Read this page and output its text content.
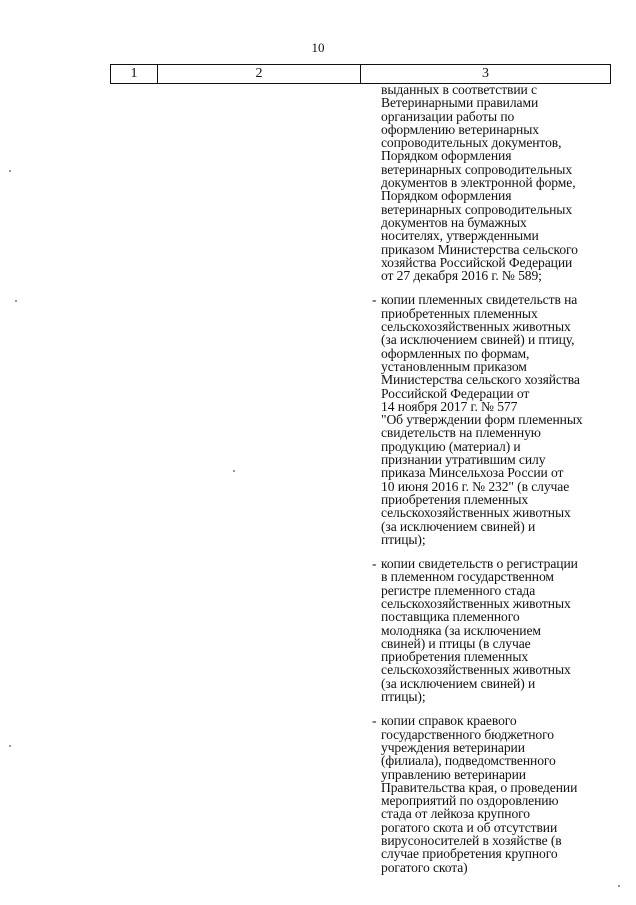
10
1	2	3
выданных в соответствии с
Ветеринарными правилами
организации работы по
оформлению ветеринарных
сопроводительных документов,
Порядком оформления
ветеринарных сопроводительных
документов в электронной форме,
Порядком оформления
ветеринарных сопроводительных
документов на бумажных
носителях, утвержденными
приказом Министерства сельского
хозяйства Российской Федерации
от 27 декабря 2016 г. № 589;
- копии племенных свидетельств на
приобретенных племенных
сельскохозяйственных животных
(за исключением свиней) и птицу,
оформленных по формам,
установленным приказом
Министерства сельского хозяйства
Российской Федерации от
14 ноября 2017 г. № 577
"Об утверждении форм племенных
свидетельств на племенную
продукцию (материал) и
признании утратившим силу
приказа Минсельхоза России от
10 июня 2016 г. № 232" (в случае
приобретения племенных
сельскохозяйственных животных
(за исключением свиней) и
птицы);
- копии свидетельств о регистрации
в племенном государственном
регистре племенного стада
сельскохозяйственных животных
поставщика племенного
молодняка (за исключением
свиней) и птицы (в случае
приобретения племенных
сельскохозяйственных животных
(за исключением свиней) и
птицы);
- копии справок краевого
государственного бюджетного
учреждения ветеринарии
(филиала), подведомственного
управлению ветеринарии
Правительства края, о проведении
мероприятий по оздоровлению
стада от лейкоза крупного
рогатого скота и об отсутствии
вирусоносителей в хозяйстве (в
случае приобретения крупного
рогатого скота)
